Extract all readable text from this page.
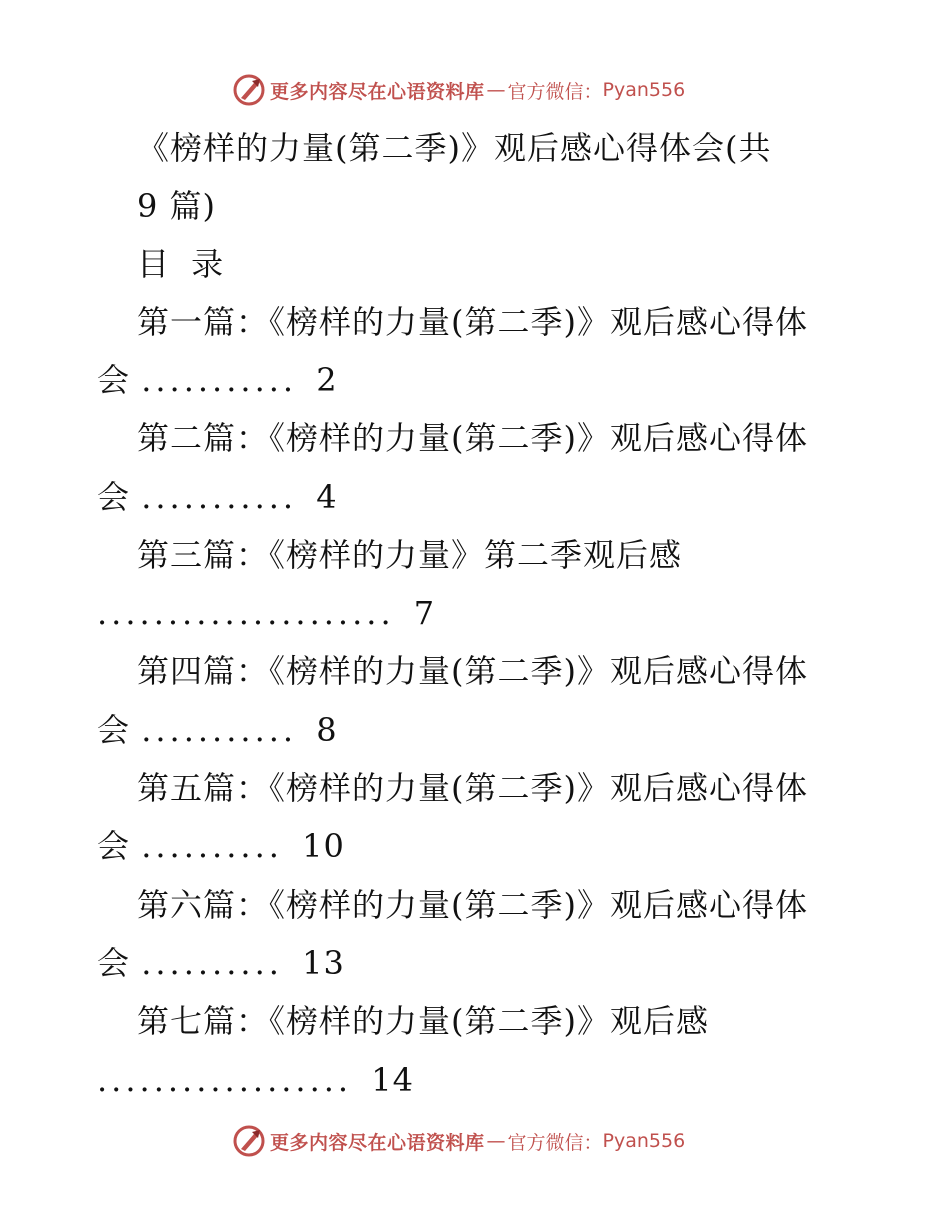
更多内容尽在心语资料库 — 官方微信： Pyan556
《榜样的力量(第二季)》观后感心得体会(共
9 篇)
目 录
第一篇：《榜样的力量(第二季)》观后感心得体
会 ........... 2
第二篇：《榜样的力量(第二季)》观后感心得体
会 ........... 4
第三篇：《榜样的力量》第二季观后感
..................... 7
第四篇：《榜样的力量(第二季)》观后感心得体
会 ........... 8
第五篇：《榜样的力量(第二季)》观后感心得体
会 .......... 10
第六篇：《榜样的力量(第二季)》观后感心得体
会 .......... 13
第七篇：《榜样的力量(第二季)》观后感
.................. 14
更多内容尽在心语资料库 — 官方微信： Pyan556
